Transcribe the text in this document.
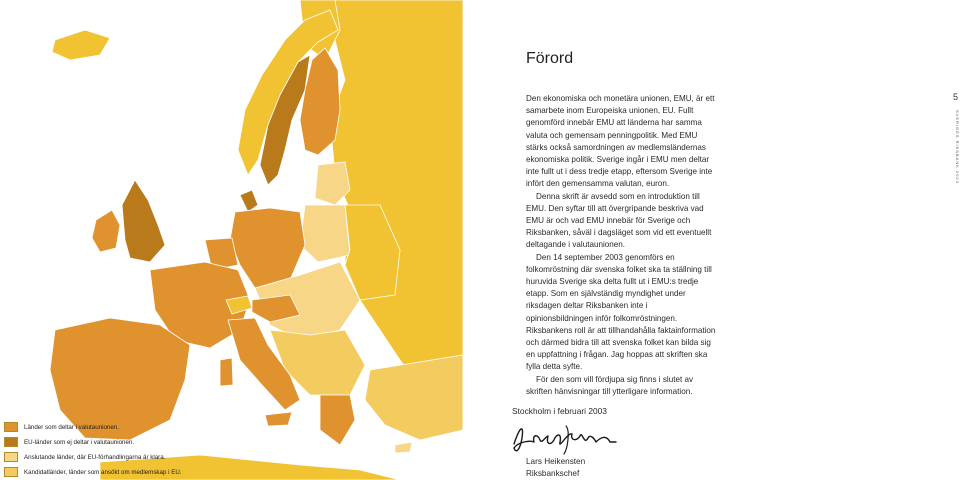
Länder som deltar i valutaunionen.
EU-länder som ej deltar i valutaunionen.
Anslutande länder, där EU-förhandlingarna är klara.
Kandidatländer, länder som ansökt om medlemskap i EU.
Förord

Den ekonomiska och monetära unionen, EMU, är ett samarbete inom Europeiska unionen, EU. Fullt genomförd innebär EMU att länderna har samma valuta och gemensam penningpolitik. Med EMU stärks också samordningen av medlemsländernas ekonomiska politik. Sverige ingår i EMU men deltar inte fullt ut i dess tredje etapp, eftersom Sverige inte infört den gemensamma valutan, euron.

Denna skrift är avsedd som en introduktion till EMU. Den syftar till att övergripande beskriva vad EMU är och vad EMU innebär för Sverige och Riksbanken, såväl i dagsläget som vid ett eventuellt deltagande i valutaunionen.

Den 14 september 2003 genomförs en folkomröstning där svenska folket ska ta ställning till huruvida Sverige ska delta fullt ut i EMU:s tredje etapp. Som en självständig myndighet under riksdagen deltar Riksbanken inte i opinionsbildningen inför folkomröstningen. Riksbankens roll är att tillhandahålla faktainformation och därmed bidra till att svenska folket kan bilda sig en uppfattning i frågan. Jag hoppas att skriften ska fylla detta syfte.

För den som vill fördjupa sig finns i slutet av skriften hänvisningar till ytterligare information.

Stockholm i februari 2003
Lars Heikensten
Riksbankschef
5
SVERIGES RIKSBANK 2003
